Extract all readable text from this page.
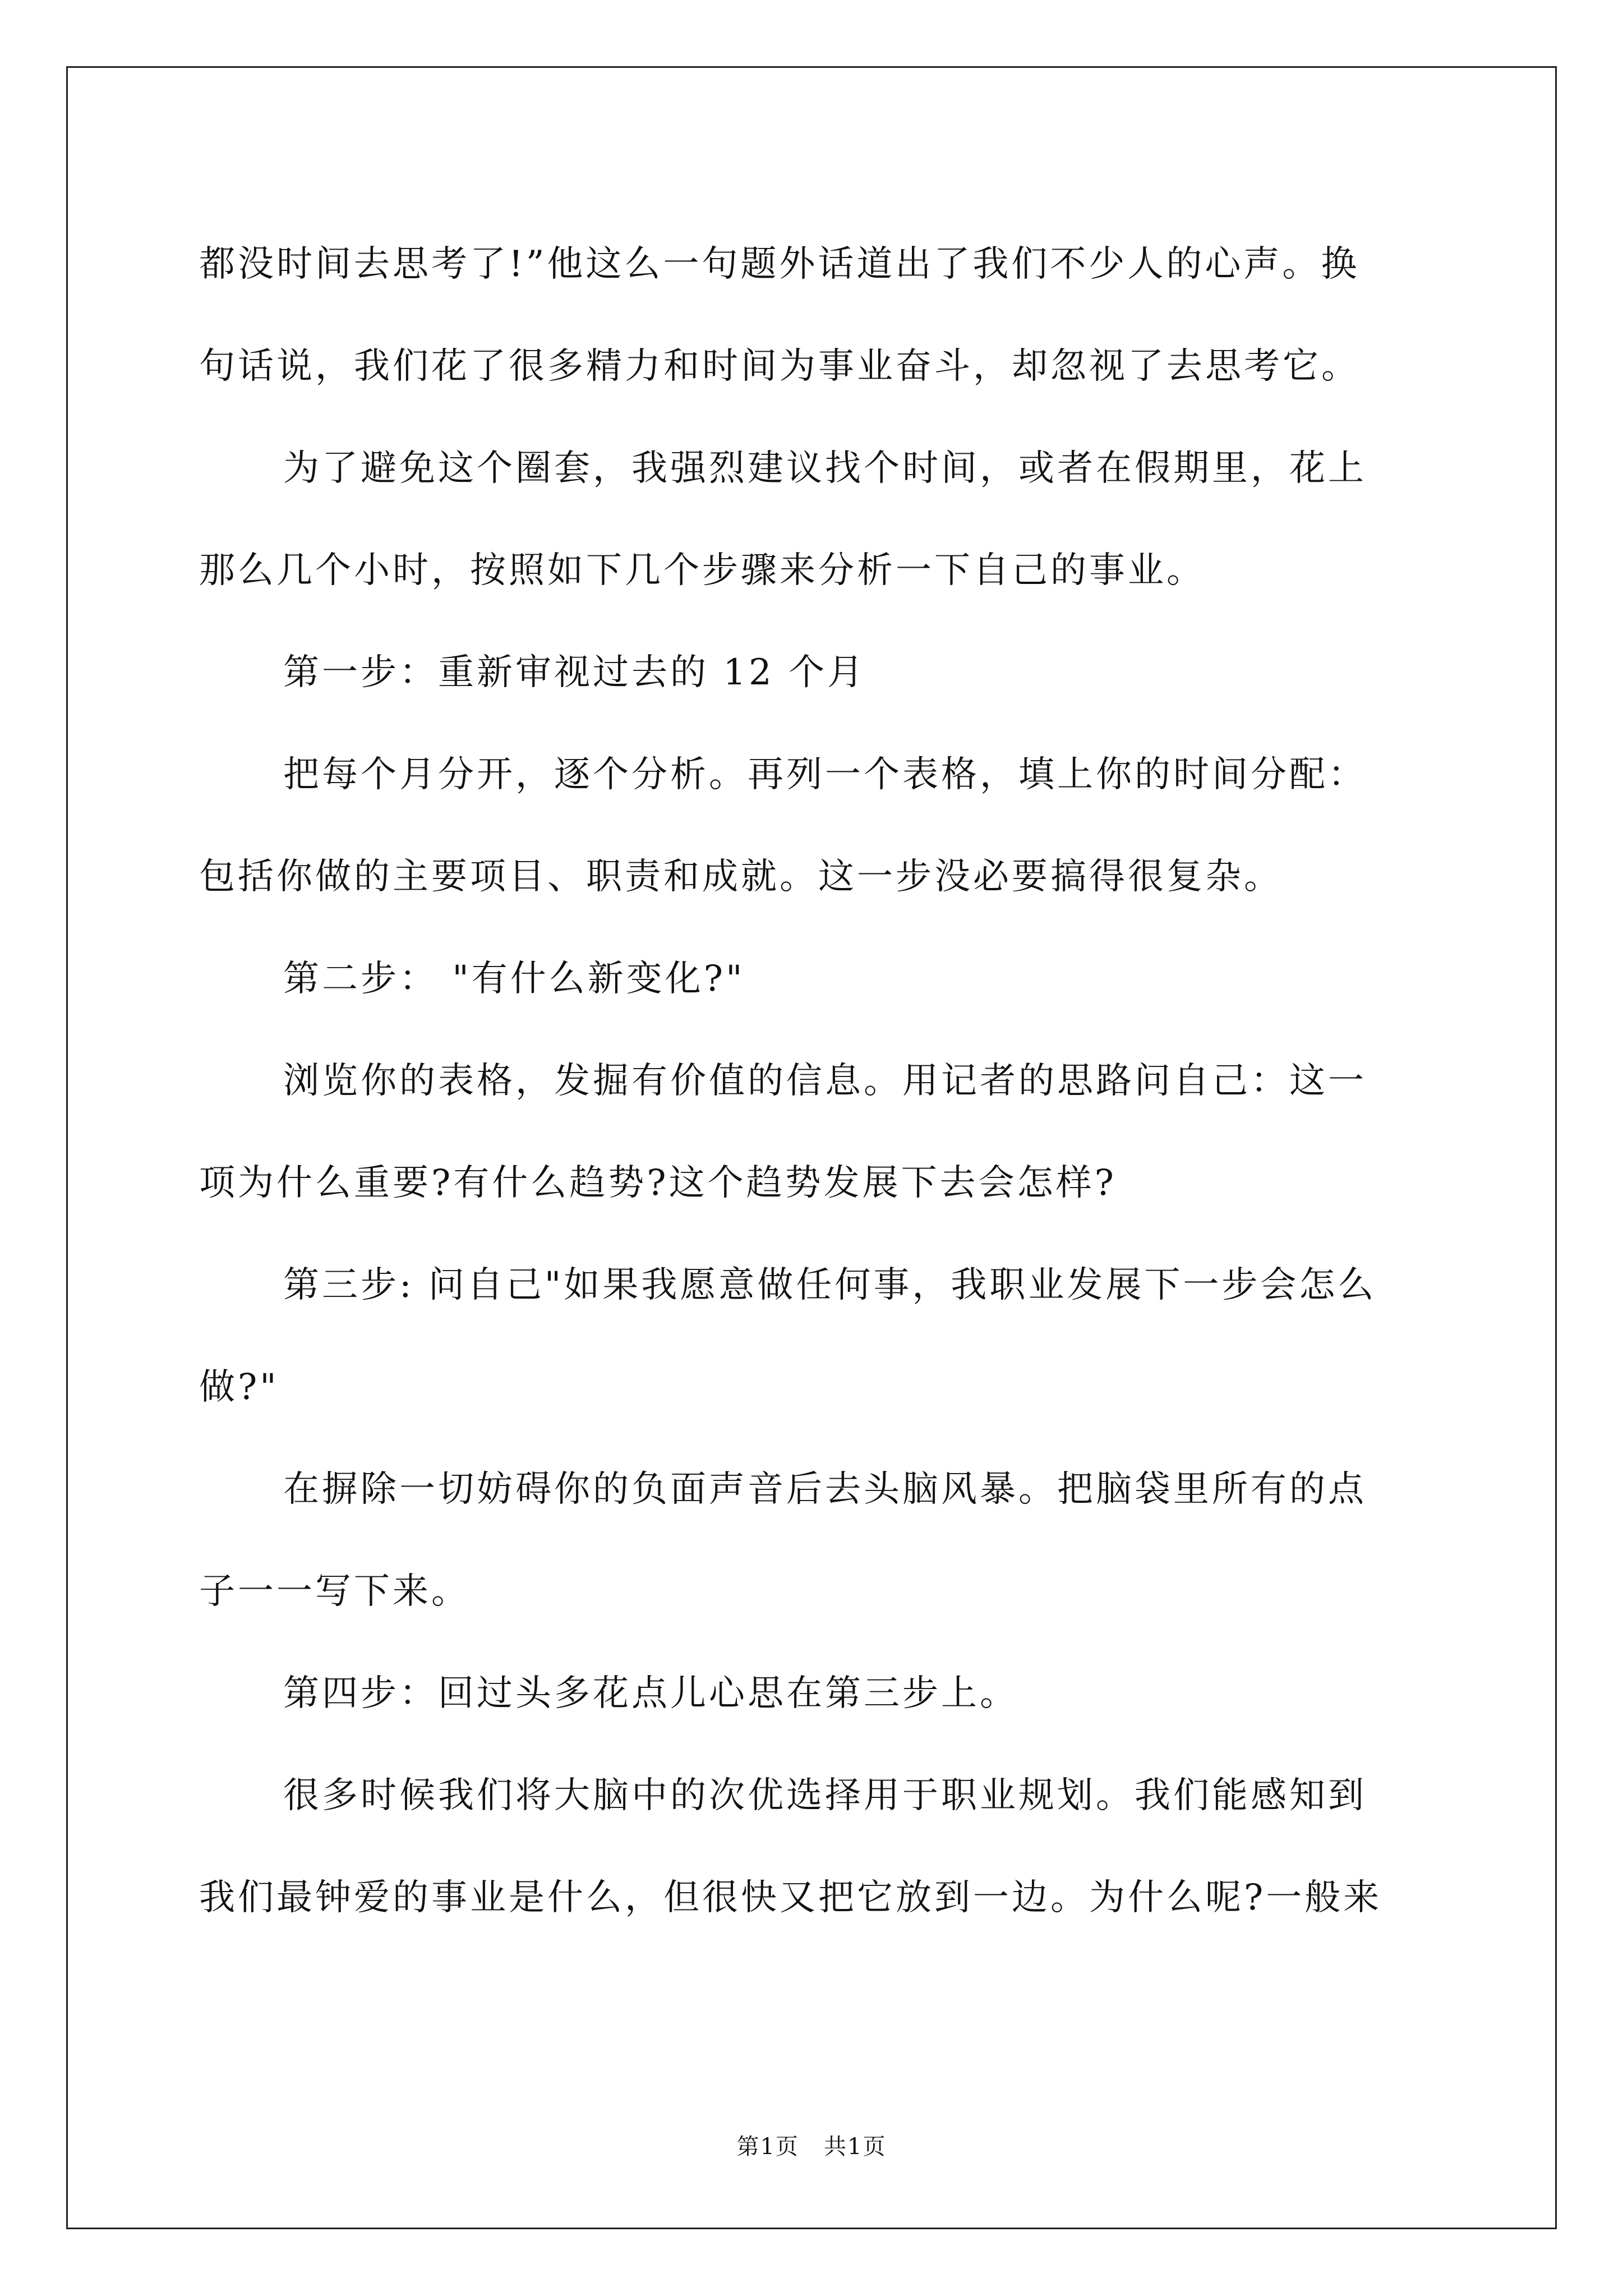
都没时间去思考了!”他这么一句题外话道出了我们不少人的心声。换
句话说，我们花了很多精力和时间为事业奋斗，却忽视了去思考它。
为了避免这个圈套，我强烈建议找个时间，或者在假期里，花上
那么几个小时，按照如下几个步骤来分析一下自己的事业。
第一步：重新审视过去的 12 个月
把每个月分开，逐个分析。再列一个表格，填上你的时间分配：
包括你做的主要项目、职责和成就。这一步没必要搞得很复杂。
第二步： "有什么新变化?"
浏览你的表格，发掘有价值的信息。用记者的思路问自己：这一
项为什么重要?有什么趋势?这个趋势发展下去会怎样?
第三步: 问自己"如果我愿意做任何事，我职业发展下一步会怎么
做?"
在摒除一切妨碍你的负面声音后去头脑风暴。把脑袋里所有的点
子一一写下来。
第四步：回过头多花点儿心思在第三步上。
很多时候我们将大脑中的次优选择用于职业规划。我们能感知到
我们最钟爱的事业是什么，但很快又把它放到一边。为什么呢?一般来
第1页   共1页
